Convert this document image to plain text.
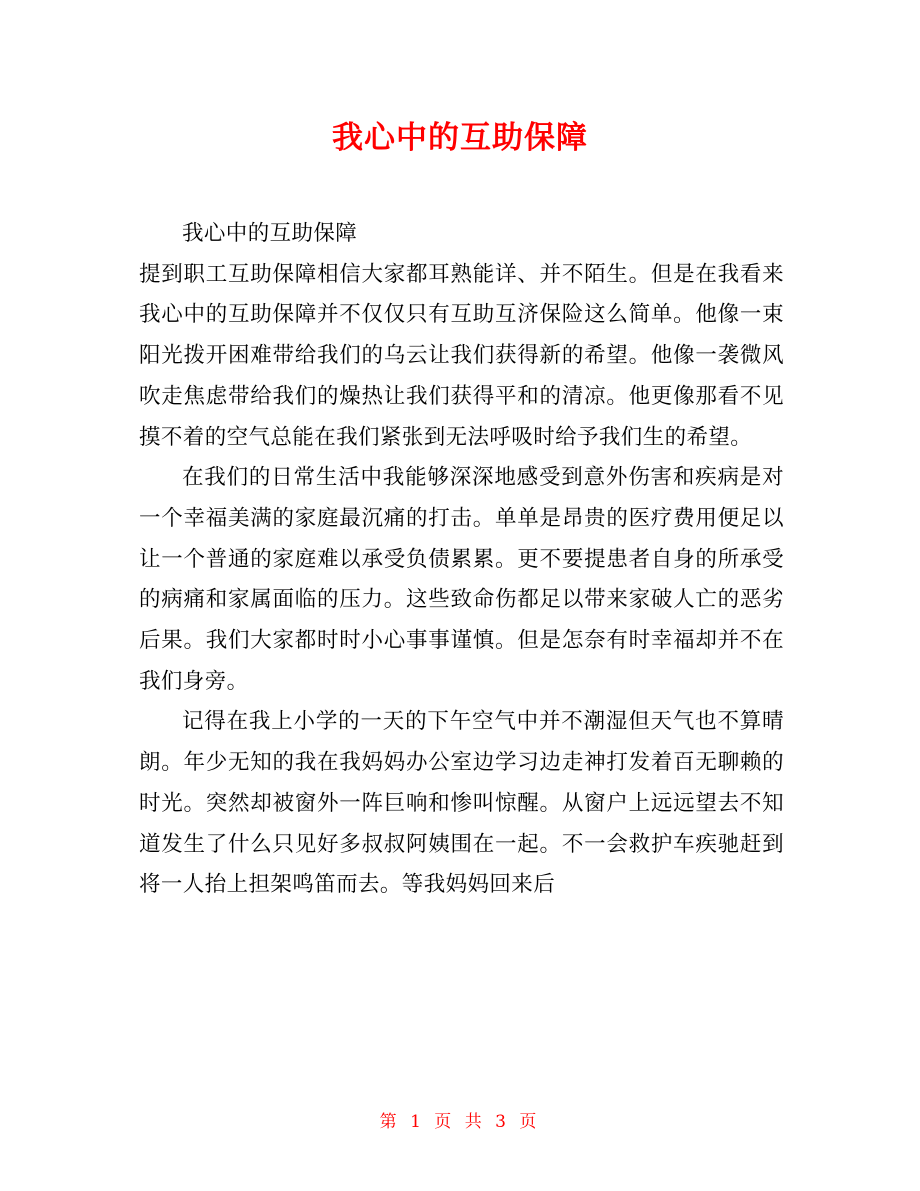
我心中的互助保障

我心中的互助保障

提到职工互助保障相信大家都耳熟能详、并不陌生。但是在我看来我心中的互助保障并不仅仅只有互助互济保险这么简单。他像一束阳光拨开困难带给我们的乌云让我们获得新的希望。他像一袭微风吹走焦虑带给我们的燥热让我们获得平和的清凉。他更像那看不见摸不着的空气总能在我们紧张到无法呼吸时给予我们生的希望。

在我们的日常生活中我能够深深地感受到意外伤害和疾病是对一个幸福美满的家庭最沉痛的打击。单单是昂贵的医疗费用便足以让一个普通的家庭难以承受负债累累。更不要提患者自身的所承受的病痛和家属面临的压力。这些致命伤都足以带来家破人亡的恶劣后果。我们大家都时时小心事事谨慎。但是怎奈有时幸福却并不在我们身旁。

记得在我上小学的一天的下午空气中并不潮湿但天气也不算晴朗。年少无知的我在我妈妈办公室边学习边走神打发着百无聊赖的时光。突然却被窗外一阵巨响和惨叫惊醒。从窗户上远远望去不知道发生了什么只见好多叔叔阿姨围在一起。不一会救护车疾驰赶到将一人抬上担架鸣笛而去。等我妈妈回来后

第 1 页 共 3 页
